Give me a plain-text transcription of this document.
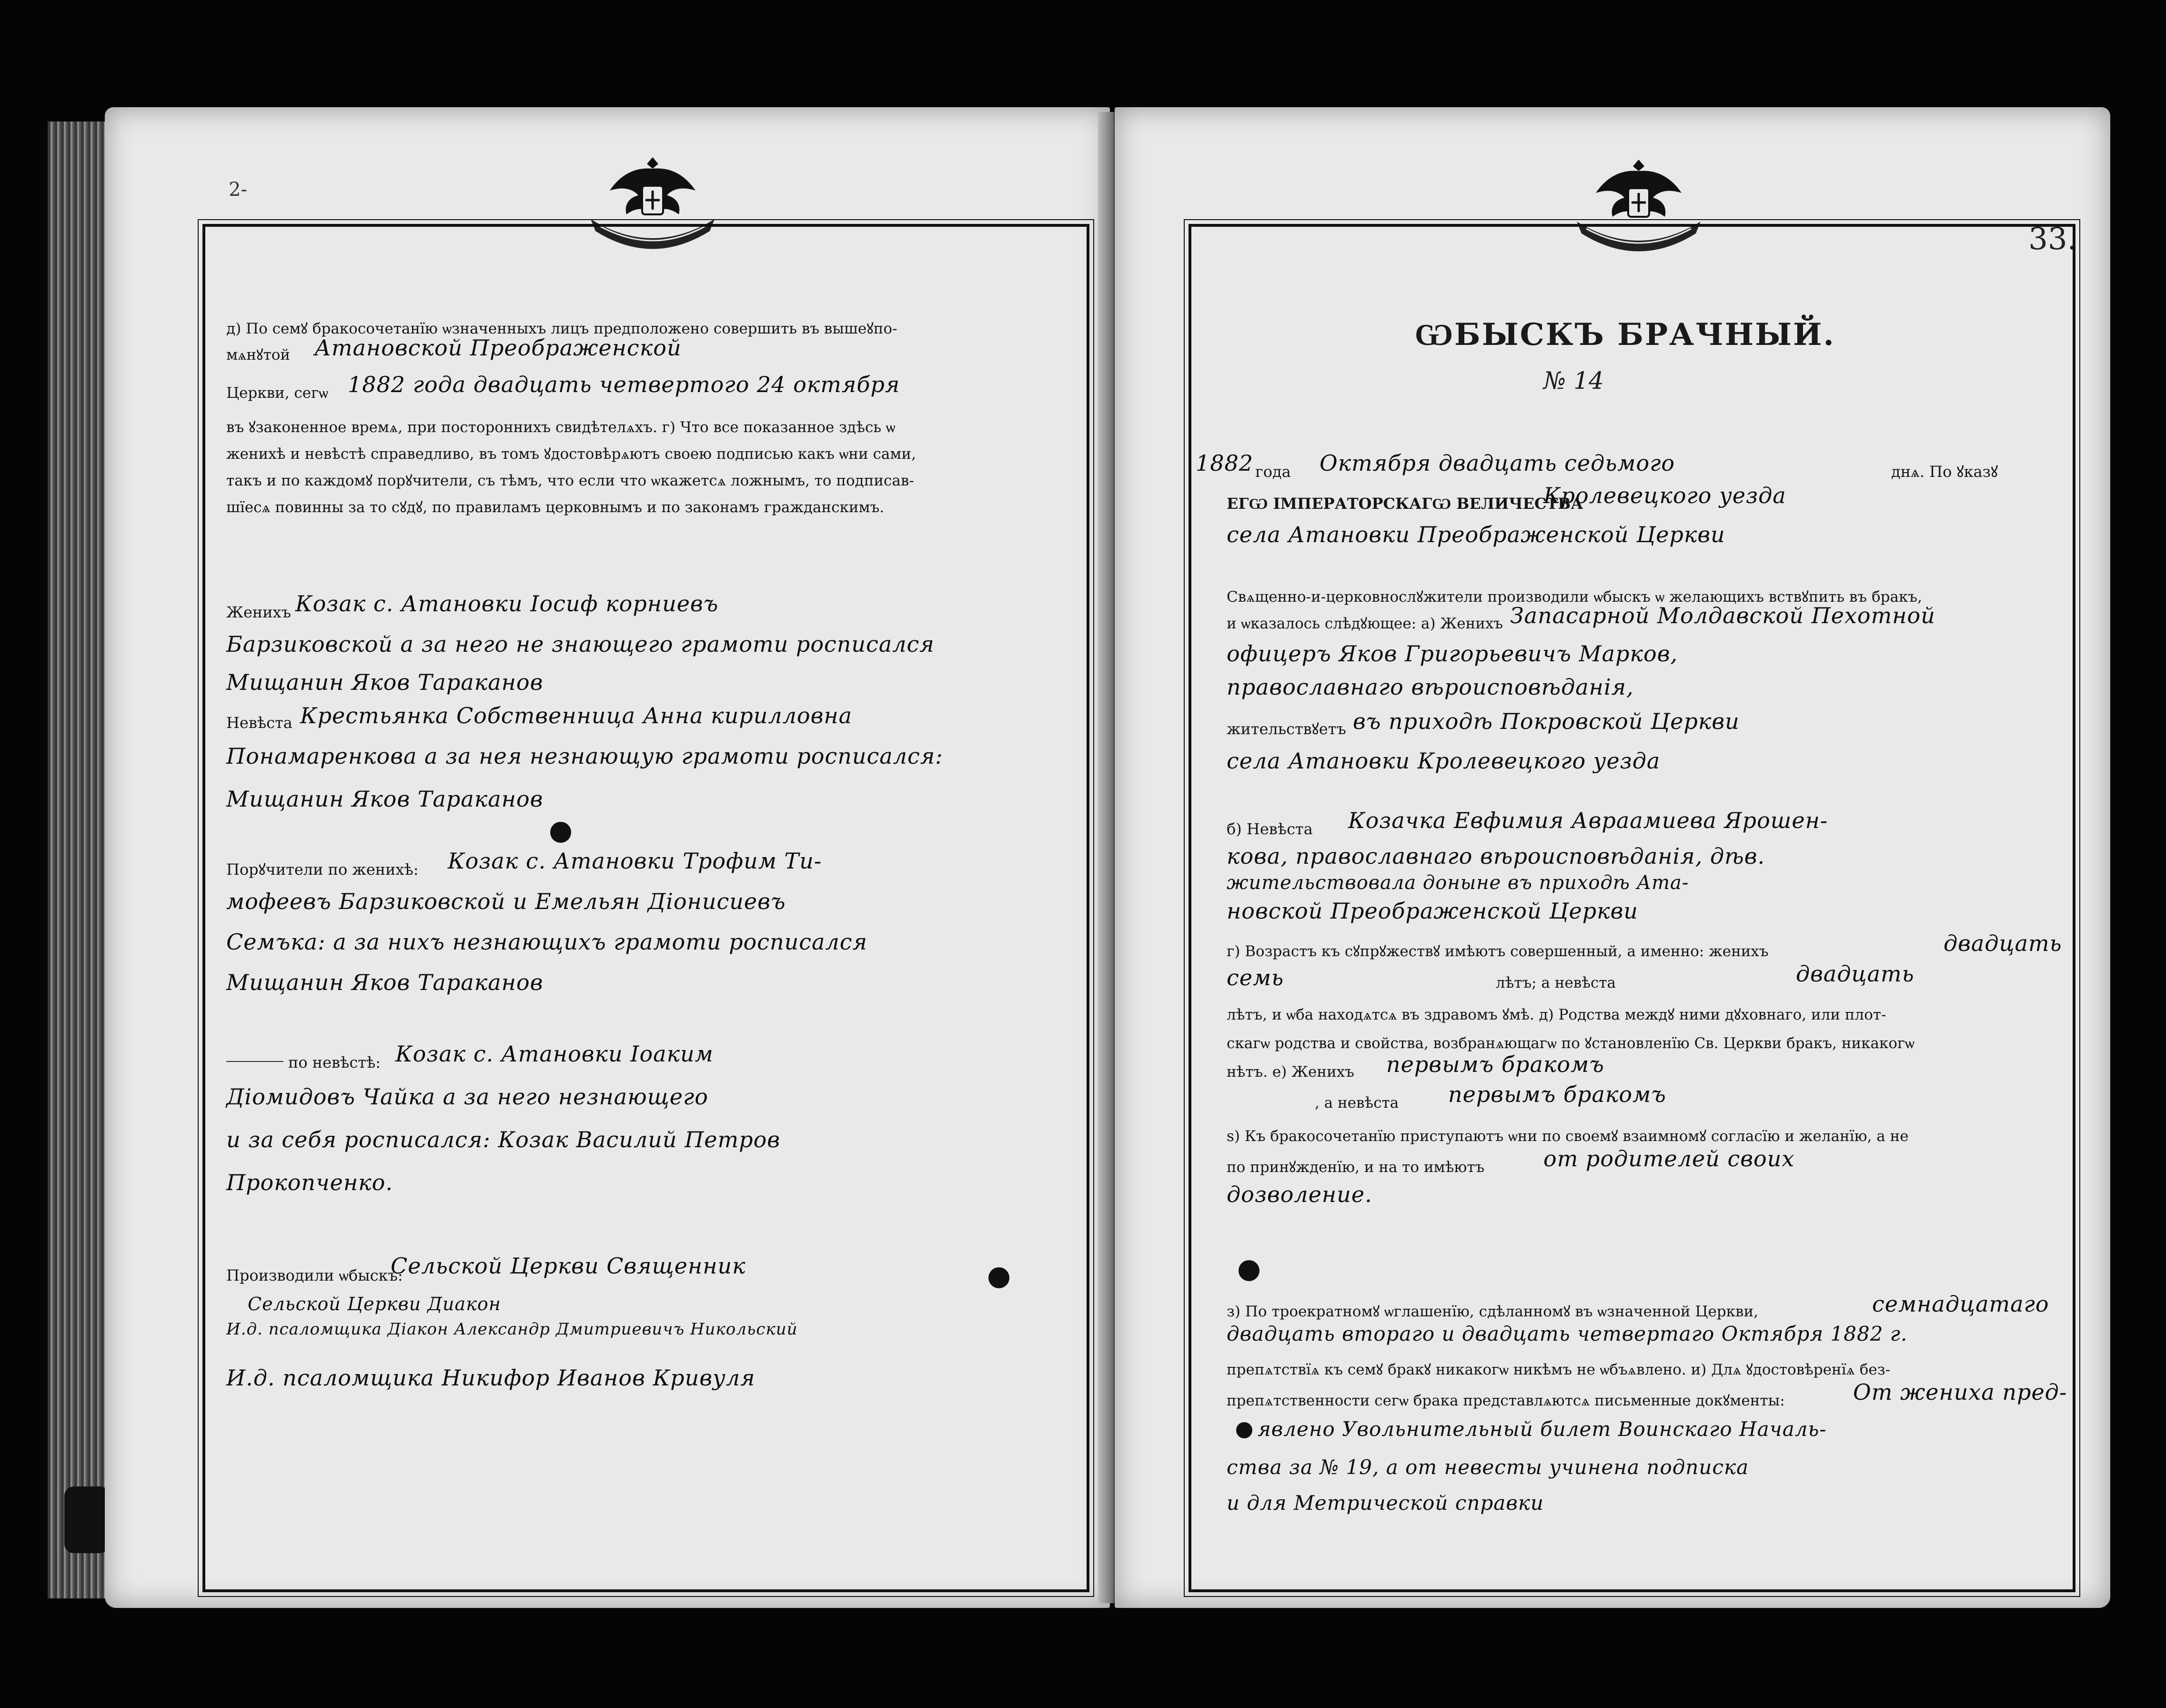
2-
д) По семꙋ бракосочетанїю ѡзначенныхъ лицъ предположено совершить въ вышеꙋпо-
мѧнꙋтой Атановской Преображенской
Церкви, сегѡ 1882 года двадцать четвертого 24 октября
въ ꙋзаконенное времѧ, при постороннихъ свидѣтелѧхъ. г) Что все показанное здѣсь ѡ
женихѣ и невѣстѣ справедливо, въ томъ ꙋдостовѣрѧютъ своею подписью какъ ѡни сами,
такъ и по каждомꙋ порꙋчители, съ тѣмъ, что если что ѡкажетсѧ ложнымъ, то подписав-
шїесѧ повинны за то сꙋдꙋ, по правиламъ церковнымъ и по законамъ гражданскимъ.
Женихъ Козак с. Атановки Іосиф корниевъ
Барзиковской а за него не знающего грамоти росписался
Мищанин Яков Тараканов
Невѣста Крестьянка Собственница Анна кирилловна
Понамаренкова а за нея незнающую грамоти росписался:
Мищанин Яков Тараканов
Порꙋчители по женихѣ: Козак с. Атановки Трофим Ти-
мофеевъ Барзиковской и Емельян Діонисиевъ
Семъка: а за нихъ незнающихъ грамоти росписался
Мищанин Яков Тараканов
по невѣстѣ: Козак с. Атановки Іоаким
Діомидовъ Чайка а за него незнающего
и за себя росписался: Козак Василий Петров
Прокопченко.
Производили ѡбыскъ:
Сельской Церкви Священник
Сельской Церкви Диакон
И.д. псаломщика Діакон Александр Дмитриевичъ Никольский
И.д. псаломщика Никифор Иванов Кривуля
33.
ѠБЫСКЪ БРАЧНЫЙ.
№ 14
1882 года Октября двадцать седьмого	днѧ. По ꙋказꙋ
ЕГѠ ІМПЕРАТОРСКАГѠ ВЕЛИЧЕСТВА
Кролевецкого уезда
села Атановки Преображенской Церкви
Свѧщенно-и-церковнослꙋжители производили ѡбыскъ ѡ желающихъ вствꙋпить въ бракъ,
и ѡказалось слѣдꙋющее: а) Женихъ Запасарной Молдавской Пехотной
офицеръ Яков Григорьевичъ Марков,
православнаго вѣроисповѣданія,
жительствꙋетъ въ приходѣ Покровской Церкви
села Атановки Кролевецкого уезда
б) Невѣста Козачка Евфимия Авраамиева Ярошен-
кова, православнаго вѣроисповѣданія, дѣв.
жительствовала доныне въ приходѣ Ата-
новской Преображенской Церкви
г) Возрастъ къ сꙋпрꙋжествꙋ имѣютъ совершенный, а именно: женихъ	двадцать
семь	лѣтъ; а невѣста	двадцать
лѣтъ, и ѡба находѧтсѧ въ здравомъ ꙋмѣ. д) Родства междꙋ ними дꙋховнаго, или плот-
скагѡ родства и свойства, возбранѧющагѡ по ꙋстановленїю Св. Церкви бракъ, никакогѡ
нѣтъ. е) Женихъ первымъ бракомъ
, а невѣста первымъ бракомъ
ѕ) Къ бракосочетанїю приступаютъ ѡни по своемꙋ взаимномꙋ согласїю и желанїю, а не
по принꙋжденїю, и на то имѣютъ	от родителей своих
дозволение.
з) По троекратномꙋ ѡглашенїю, сдѣланномꙋ въ ѡзначенной Церкви,	семнадцатаго
двадцать втораго и двадцать четвертаго Октября 1882 г.
препѧтствїѧ къ семꙋ бракꙋ никакогѡ никѣмъ не ѡбъѧвлено. и) Длѧ ꙋдостовѣренїѧ без-
препѧтственности сегѡ брака представлѧютсѧ письменные докꙋменты:	От жениха пред-
явлено Увольнительный билет Воинскаго Началь-
ства за № 19, а от невесты учинена подписка
и для Метрической справки
